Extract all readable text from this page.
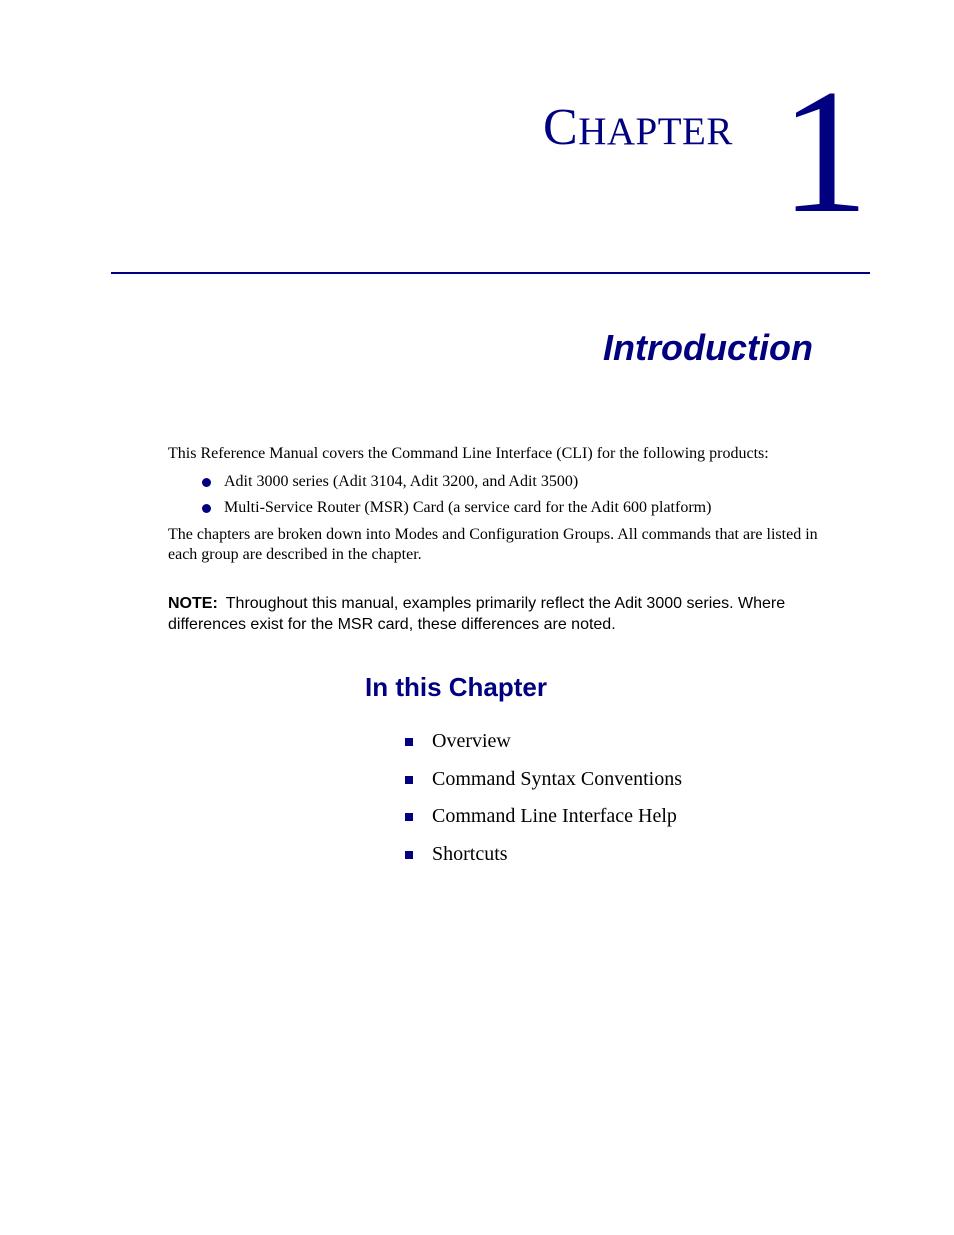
CHAPTER 1
Introduction

This Reference Manual covers the Command Line Interface (CLI) for the following products:

Adit 3000 series (Adit 3104, Adit 3200, and Adit 3500)
Multi-Service Router (MSR) Card (a service card for the Adit 600 platform)

The chapters are broken down into Modes and Configuration Groups. All commands that are listed in each group are described in the chapter.

NOTE: Throughout this manual, examples primarily reflect the Adit 3000 series. Where differences exist for the MSR card, these differences are noted.

In this Chapter
Overview
Command Syntax Conventions
Command Line Interface Help
Shortcuts
